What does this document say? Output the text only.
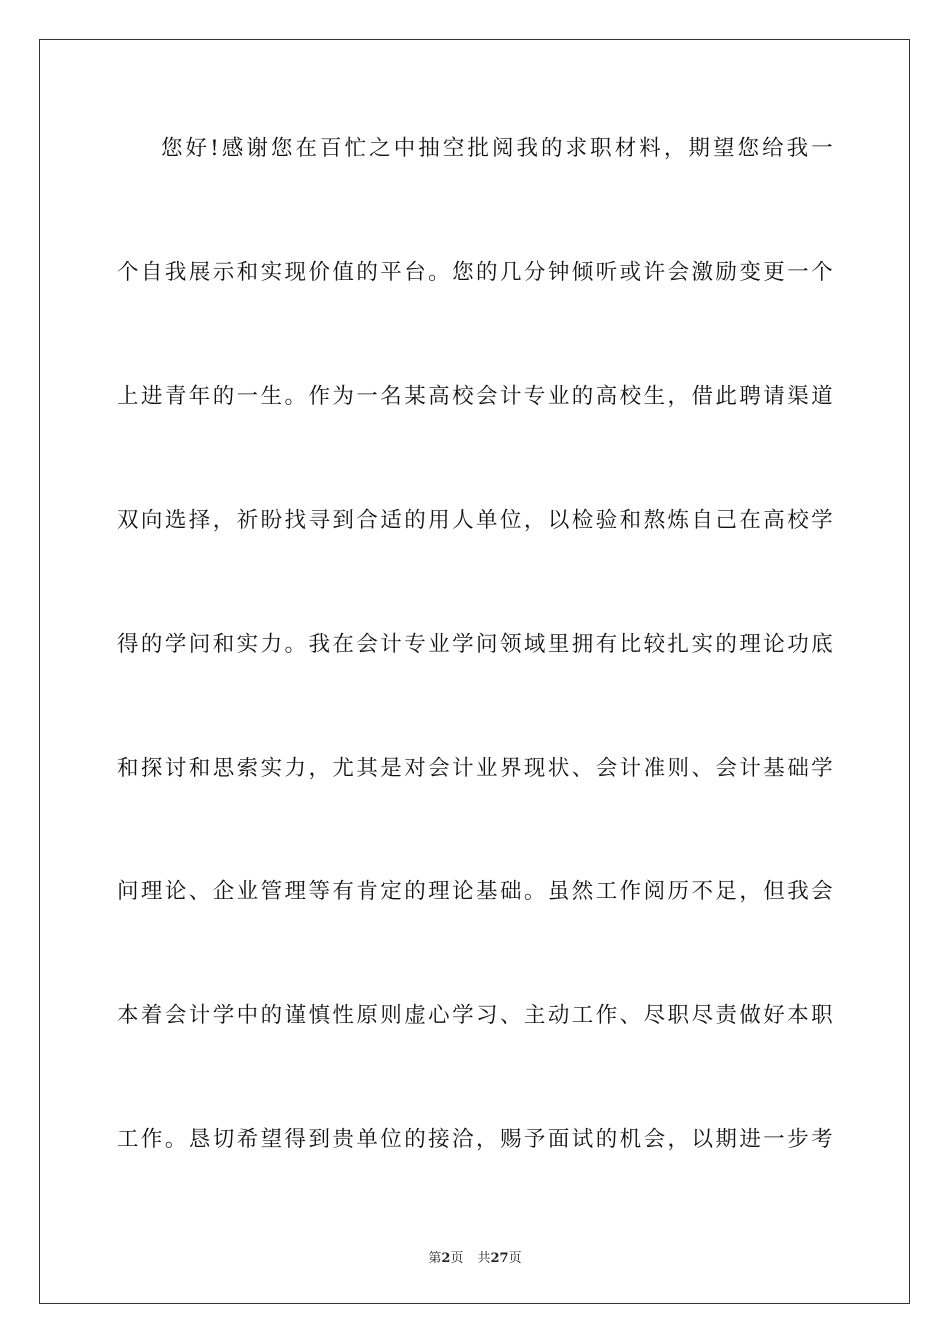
您好!感谢您在百忙之中抽空批阅我的求职材料，期望您给我一
个自我展示和实现价值的平台。您的几分钟倾听或许会激励变更一个
上进青年的一生。作为一名某高校会计专业的高校生，借此聘请渠道
双向选择，祈盼找寻到合适的用人单位，以检验和熬炼自己在高校学
得的学问和实力。我在会计专业学问领域里拥有比较扎实的理论功底
和探讨和思索实力，尤其是对会计业界现状、会计准则、会计基础学
问理论、企业管理等有肯定的理论基础。虽然工作阅历不足，但我会
本着会计学中的谨慎性原则虚心学习、主动工作、尽职尽责做好本职
工作。恳切希望得到贵单位的接洽，赐予面试的机会，以期进一步考
第2页 共27页
